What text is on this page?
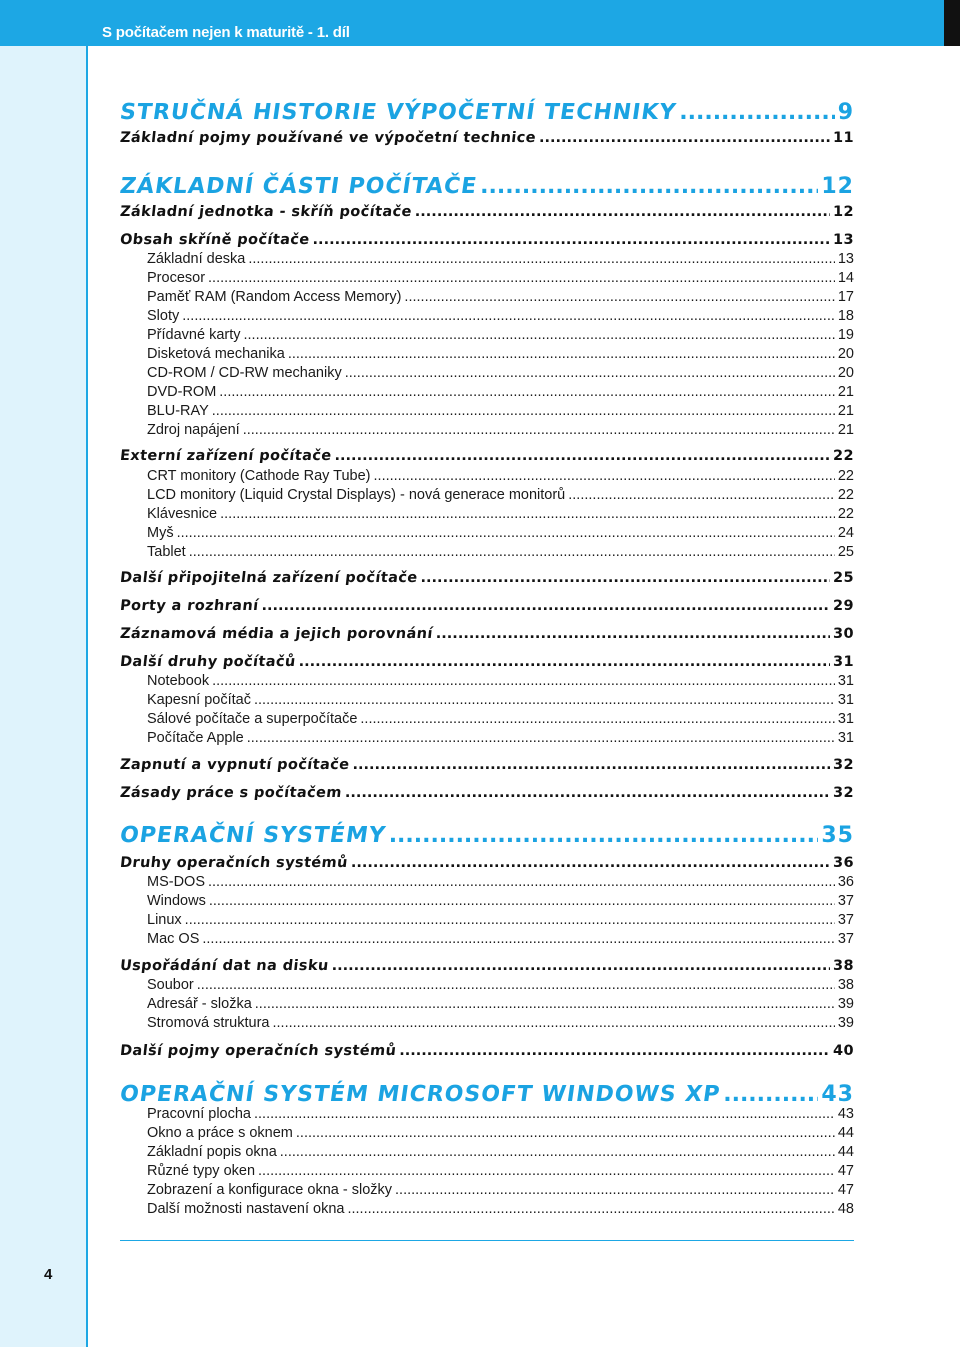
S počítačem nejen k maturitě - 1. díl
4
STRUČNÁ HISTORIE VÝPOČETNÍ TECHNIKY .....	9
Základní pojmy používané ve výpočetní technice .....	11
ZÁKLADNÍ ČÁSTI POČÍTAČE .....	12
Základní jednotka - skříň počítače .....	12
Obsah skříně počítače .....	13
Základní deska .....	13
Procesor .....	14
Paměť RAM (Random Access Memory) .....	17
Sloty .....	18
Přídavné karty .....	19
Disketová mechanika .....	20
CD-ROM / CD-RW mechaniky .....	20
DVD-ROM .....	21
BLU-RAY .....	21
Zdroj napájení .....	21
Externí zařízení počítače .....	22
CRT monitory (Cathode Ray Tube) .....	22
LCD monitory (Liquid Crystal Displays) - nová generace monitorů .....	22
Klávesnice .....	22
Myš .....	24
Tablet .....	25
Další připojitelná zařízení počítače .....	25
Porty a rozhraní .....	29
Záznamová média a jejich porovnání .....	30
Další druhy počítačů .....	31
Notebook .....	31
Kapesní počítač .....	31
Sálové počítače a superpočítače .....	31
Počítače Apple .....	31
Zapnutí a vypnutí počítače .....	32
Zásady práce s počítačem .....	32
OPERAČNÍ SYSTÉMY .....	35
Druhy operačních systémů .....	36
MS-DOS .....	36
Windows .....	37
Linux .....	37
Mac OS .....	37
Uspořádání dat na disku .....	38
Soubor .....	38
Adresář - složka .....	39
Stromová struktura .....	39
Další pojmy operačních systémů .....	40
OPERAČNÍ SYSTÉM MICROSOFT WINDOWS XP .....	43
Pracovní plocha .....	43
Okno a práce s oknem .....	44
Základní popis okna .....	44
Různé typy oken .....	47
Zobrazení a konfigurace okna - složky .....	47
Další možnosti nastavení okna .....	48
